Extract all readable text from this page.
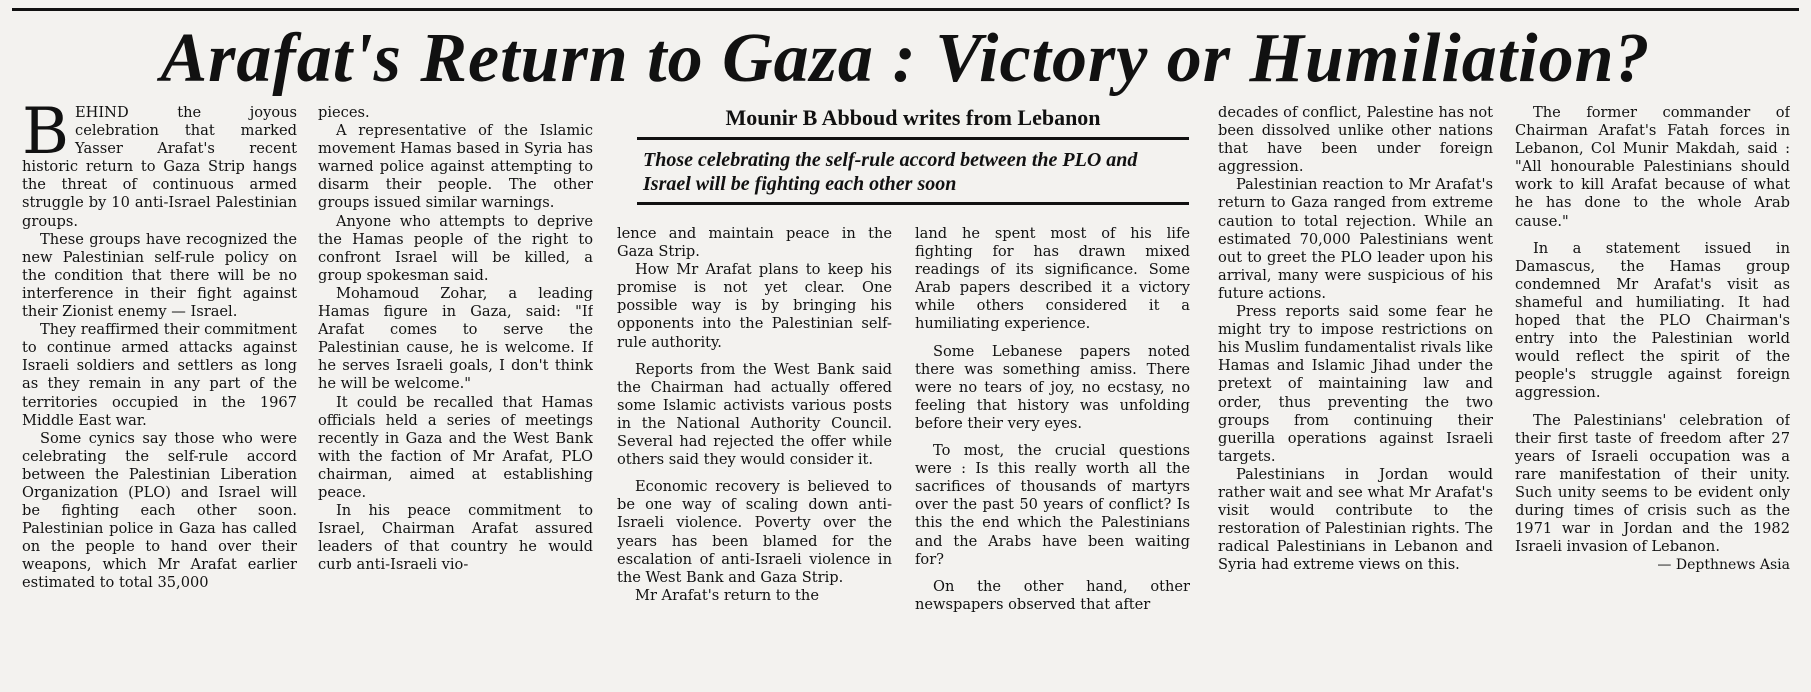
Arafat's Return to Gaza : Victory or Humiliation?

BEHIND the joyous celebration that marked Yasser Arafat's recent historic return to Gaza Strip hangs the threat of continuous armed struggle by 10 anti-Israel Palestinian groups.

These groups have recognized the new Palestinian self-rule policy on the condition that there will be no interference in their fight against their Zionist enemy — Israel.

They reaffirmed their commitment to continue armed attacks against Israeli soldiers and settlers as long as they remain in any part of the territories occupied in the 1967 Middle East war.

Some cynics say those who were celebrating the self-rule accord between the Palestinian Liberation Organization (PLO) and Israel will be fighting each other soon. Palestinian police in Gaza has called on the people to hand over their weapons, which Mr Arafat earlier estimated to total 35,000

pieces.

A representative of the Islamic movement Hamas based in Syria has warned police against attempting to disarm their people. The other groups issued similar warnings.

Anyone who attempts to deprive the Hamas people of the right to confront Israel will be killed, a group spokesman said.

Mohamoud Zohar, a leading Hamas figure in Gaza, said: "If Arafat comes to serve the Palestinian cause, he is welcome. If he serves Israeli goals, I don't think he will be welcome."

It could be recalled that Hamas officials held a series of meetings recently in Gaza and the West Bank with the faction of Mr Arafat, PLO chairman, aimed at establishing peace.

In his peace commitment to Israel, Chairman Arafat assured leaders of that country he would curb anti-Israeli vio-

Mounir B Abboud writes from Lebanon
Those celebrating the self-rule accord between the PLO and Israel will be fighting each other soon

lence and maintain peace in the Gaza Strip.

How Mr Arafat plans to keep his promise is not yet clear. One possible way is by bringing his opponents into the Palestinian self-rule authority.

Reports from the West Bank said the Chairman had actually offered some Islamic activists various posts in the National Authority Council. Several had rejected the offer while others said they would consider it.

Economic recovery is believed to be one way of scaling down anti-Israeli violence. Poverty over the years has been blamed for the escalation of anti-Israeli violence in the West Bank and Gaza Strip.

Mr Arafat's return to the

land he spent most of his life fighting for has drawn mixed readings of its significance. Some Arab papers described it a victory while others considered it a humiliating experience.

Some Lebanese papers noted there was something amiss. There were no tears of joy, no ecstasy, no feeling that history was unfolding before their very eyes.

To most, the crucial questions were : Is this really worth all the sacrifices of thousands of martyrs over the past 50 years of conflict? Is this the end which the Palestinians and the Arabs have been waiting for?

On the other hand, other newspapers observed that after

decades of conflict, Palestine has not been dissolved unlike other nations that have been under foreign aggression.

Palestinian reaction to Mr Arafat's return to Gaza ranged from extreme caution to total rejection. While an estimated 70,000 Palestinians went out to greet the PLO leader upon his arrival, many were suspicious of his future actions.

Press reports said some fear he might try to impose restrictions on his Muslim fundamentalist rivals like Hamas and Islamic Jihad under the pretext of maintaining law and order, thus preventing the two groups from continuing their guerilla operations against Israeli targets.

Palestinians in Jordan would rather wait and see what Mr Arafat's visit would contribute to the restoration of Palestinian rights. The radical Palestinians in Lebanon and Syria had extreme views on this.

The former commander of Chairman Arafat's Fatah forces in Lebanon, Col Munir Makdah, said : "All honourable Palestinians should work to kill Arafat because of what he has done to the whole Arab cause."

In a statement issued in Damascus, the Hamas group condemned Mr Arafat's visit as shameful and humiliating. It had hoped that the PLO Chairman's entry into the Palestinian world would reflect the spirit of the people's struggle against foreign aggression.

The Palestinians' celebration of their first taste of freedom after 27 years of Israeli occupation was a rare manifestation of their unity. Such unity seems to be evident only during times of crisis such as the 1971 war in Jordan and the 1982 Israeli invasion of Lebanon.

— Depthnews Asia
